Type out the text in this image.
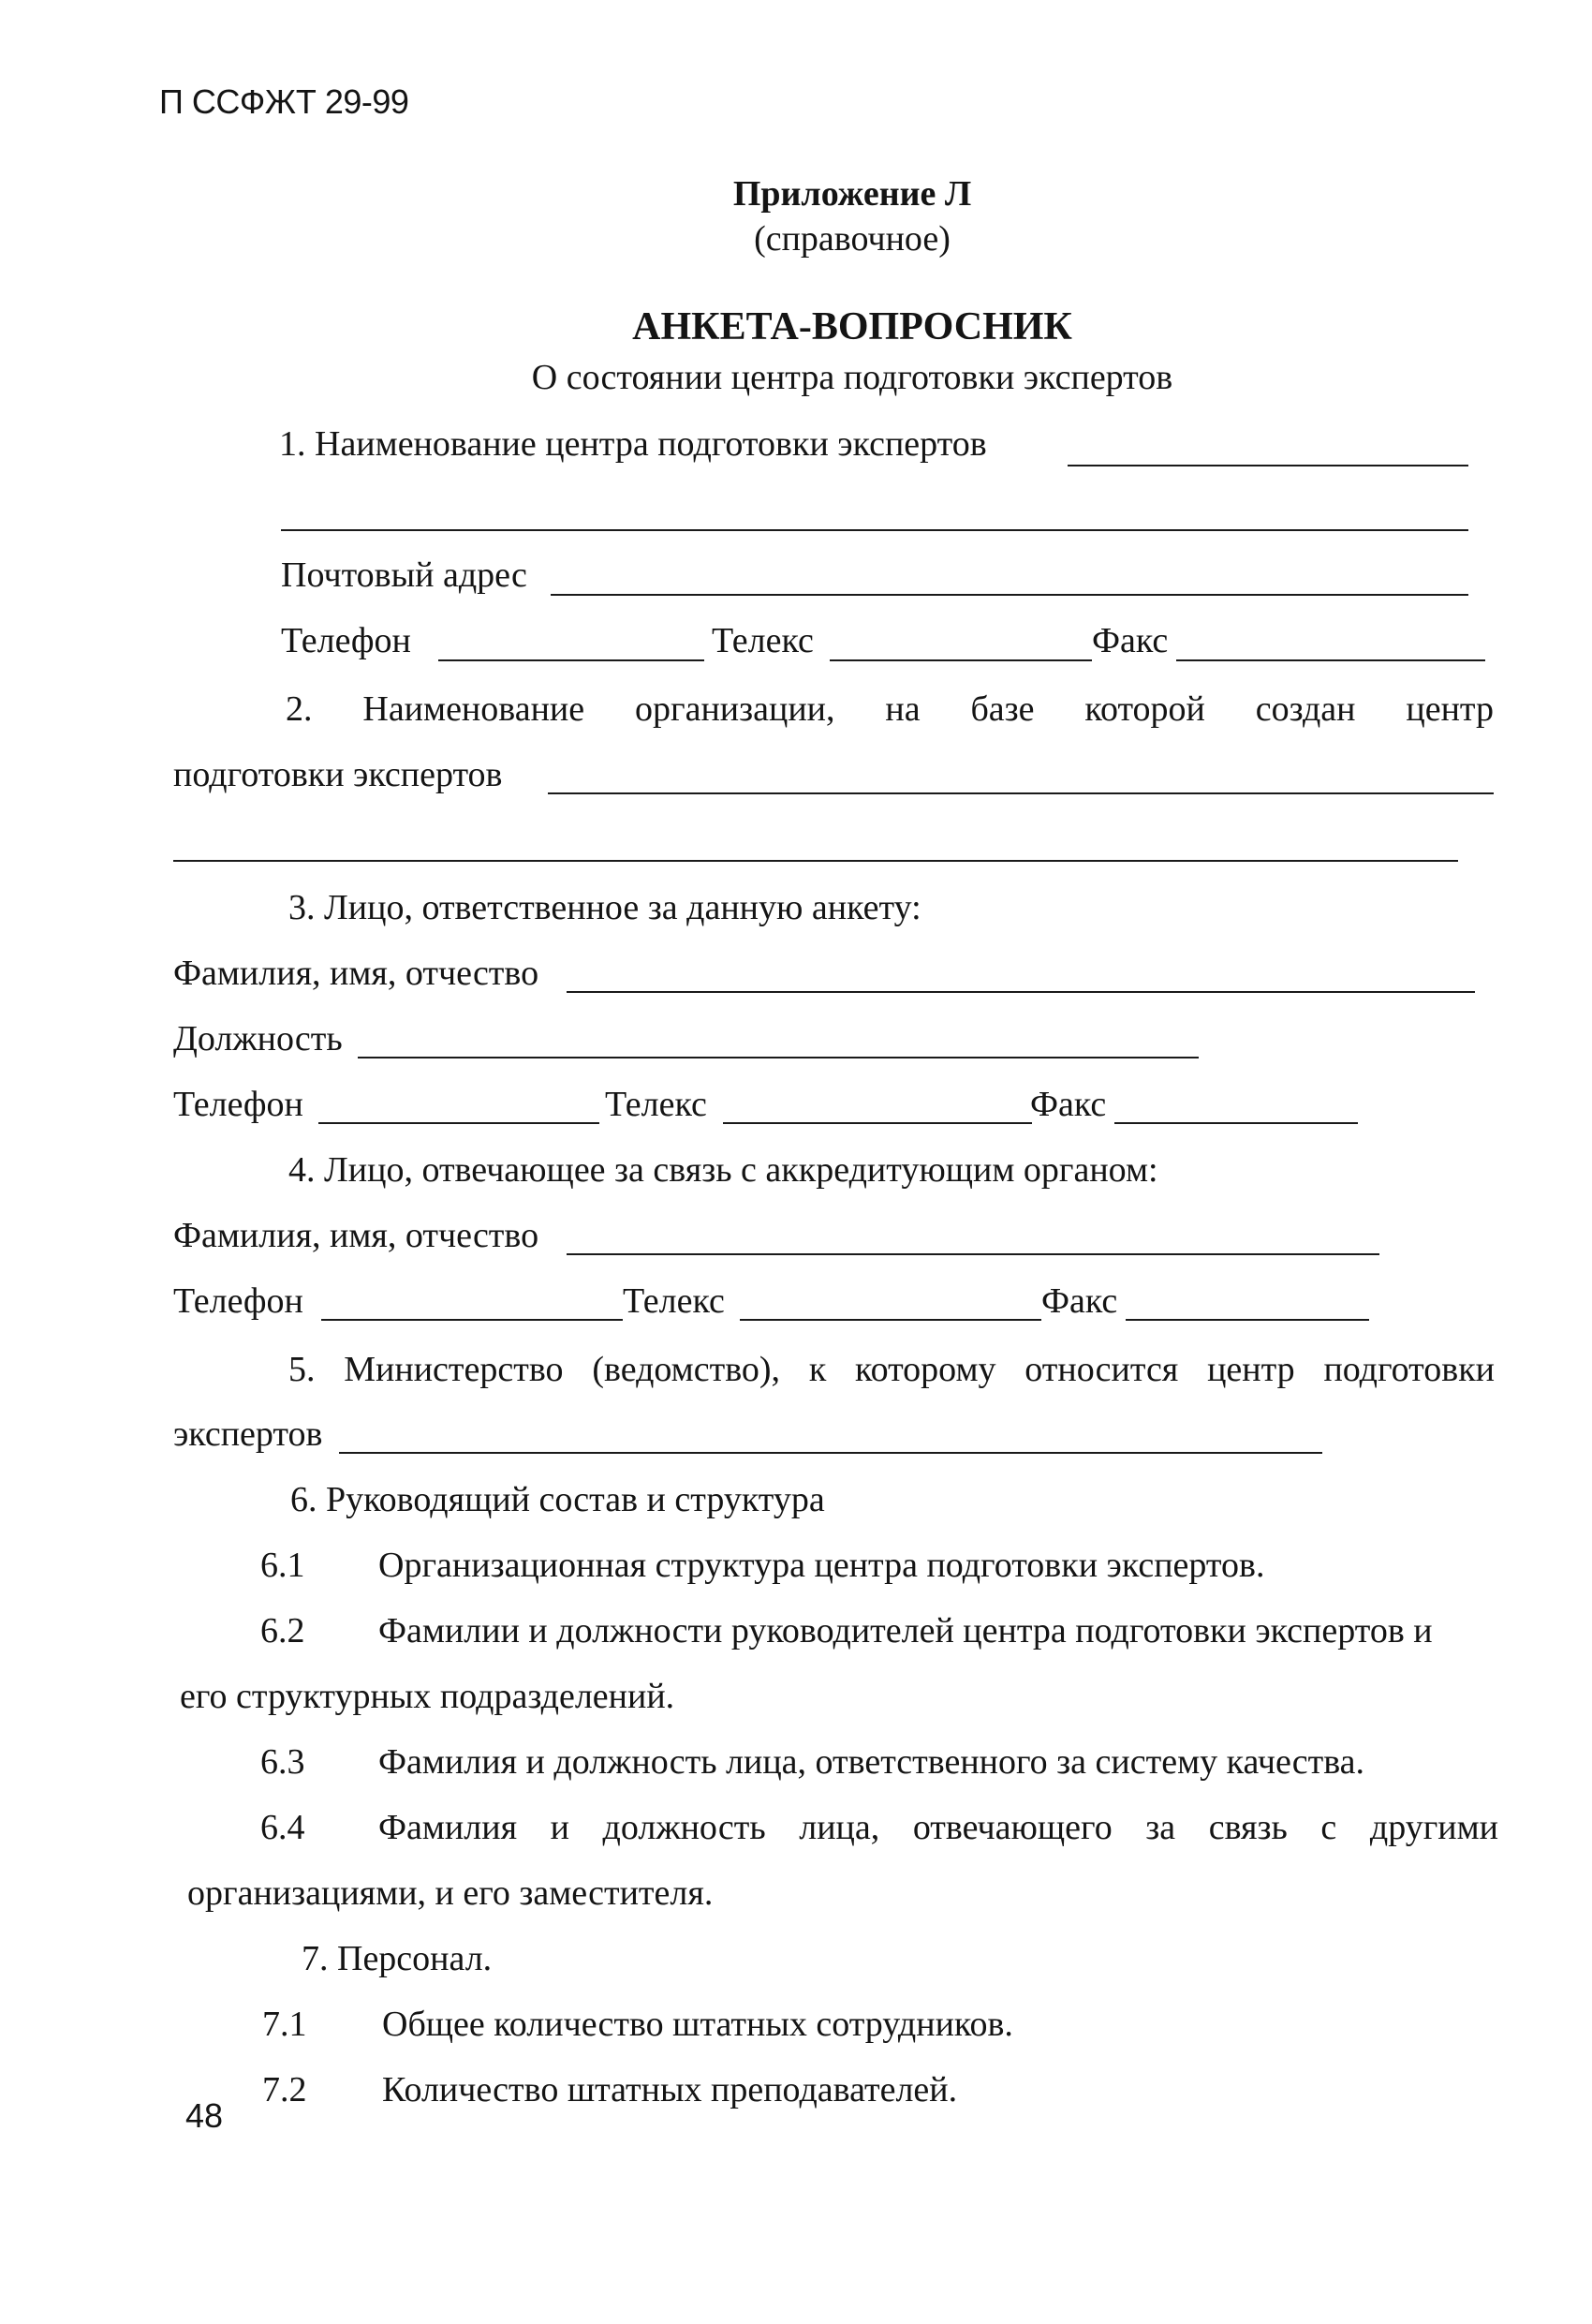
П ССФЖТ 29-99
Приложение Л
(справочное)
АНКЕТА-ВОПРОСНИК
О состоянии центра подготовки экспертов
1. Наименование центра подготовки экспертов
Почтовый адрес
Телефон	Телекс	Факс
2. Наименование организации, на базе которой создан центр
подготовки экспертов
3. Лицо, ответственное за данную анкету:
Фамилия, имя, отчество
Должность
Телефон	Телекс	Факс
4. Лицо, отвечающее за связь с аккредитующим органом:
Фамилия, имя, отчество
Телефон	Телекс	Факс
5. Министерство (ведомство), к которому относится центр подготовки
экспертов
6. Руководящий состав и структура
6.1 Организационная структура центра подготовки экспертов.
6.2 Фамилии и должности руководителей центра подготовки экспертов и
его структурных подразделений.
6.3 Фамилия и должность лица, ответственного за систему качества.
6.4 Фамилия и должность лица, отвечающего за связь с другими
организациями, и его заместителя.
7. Персонал.
7.1 Общее количество штатных сотрудников.
7.2 Количество штатных преподавателей.
48
